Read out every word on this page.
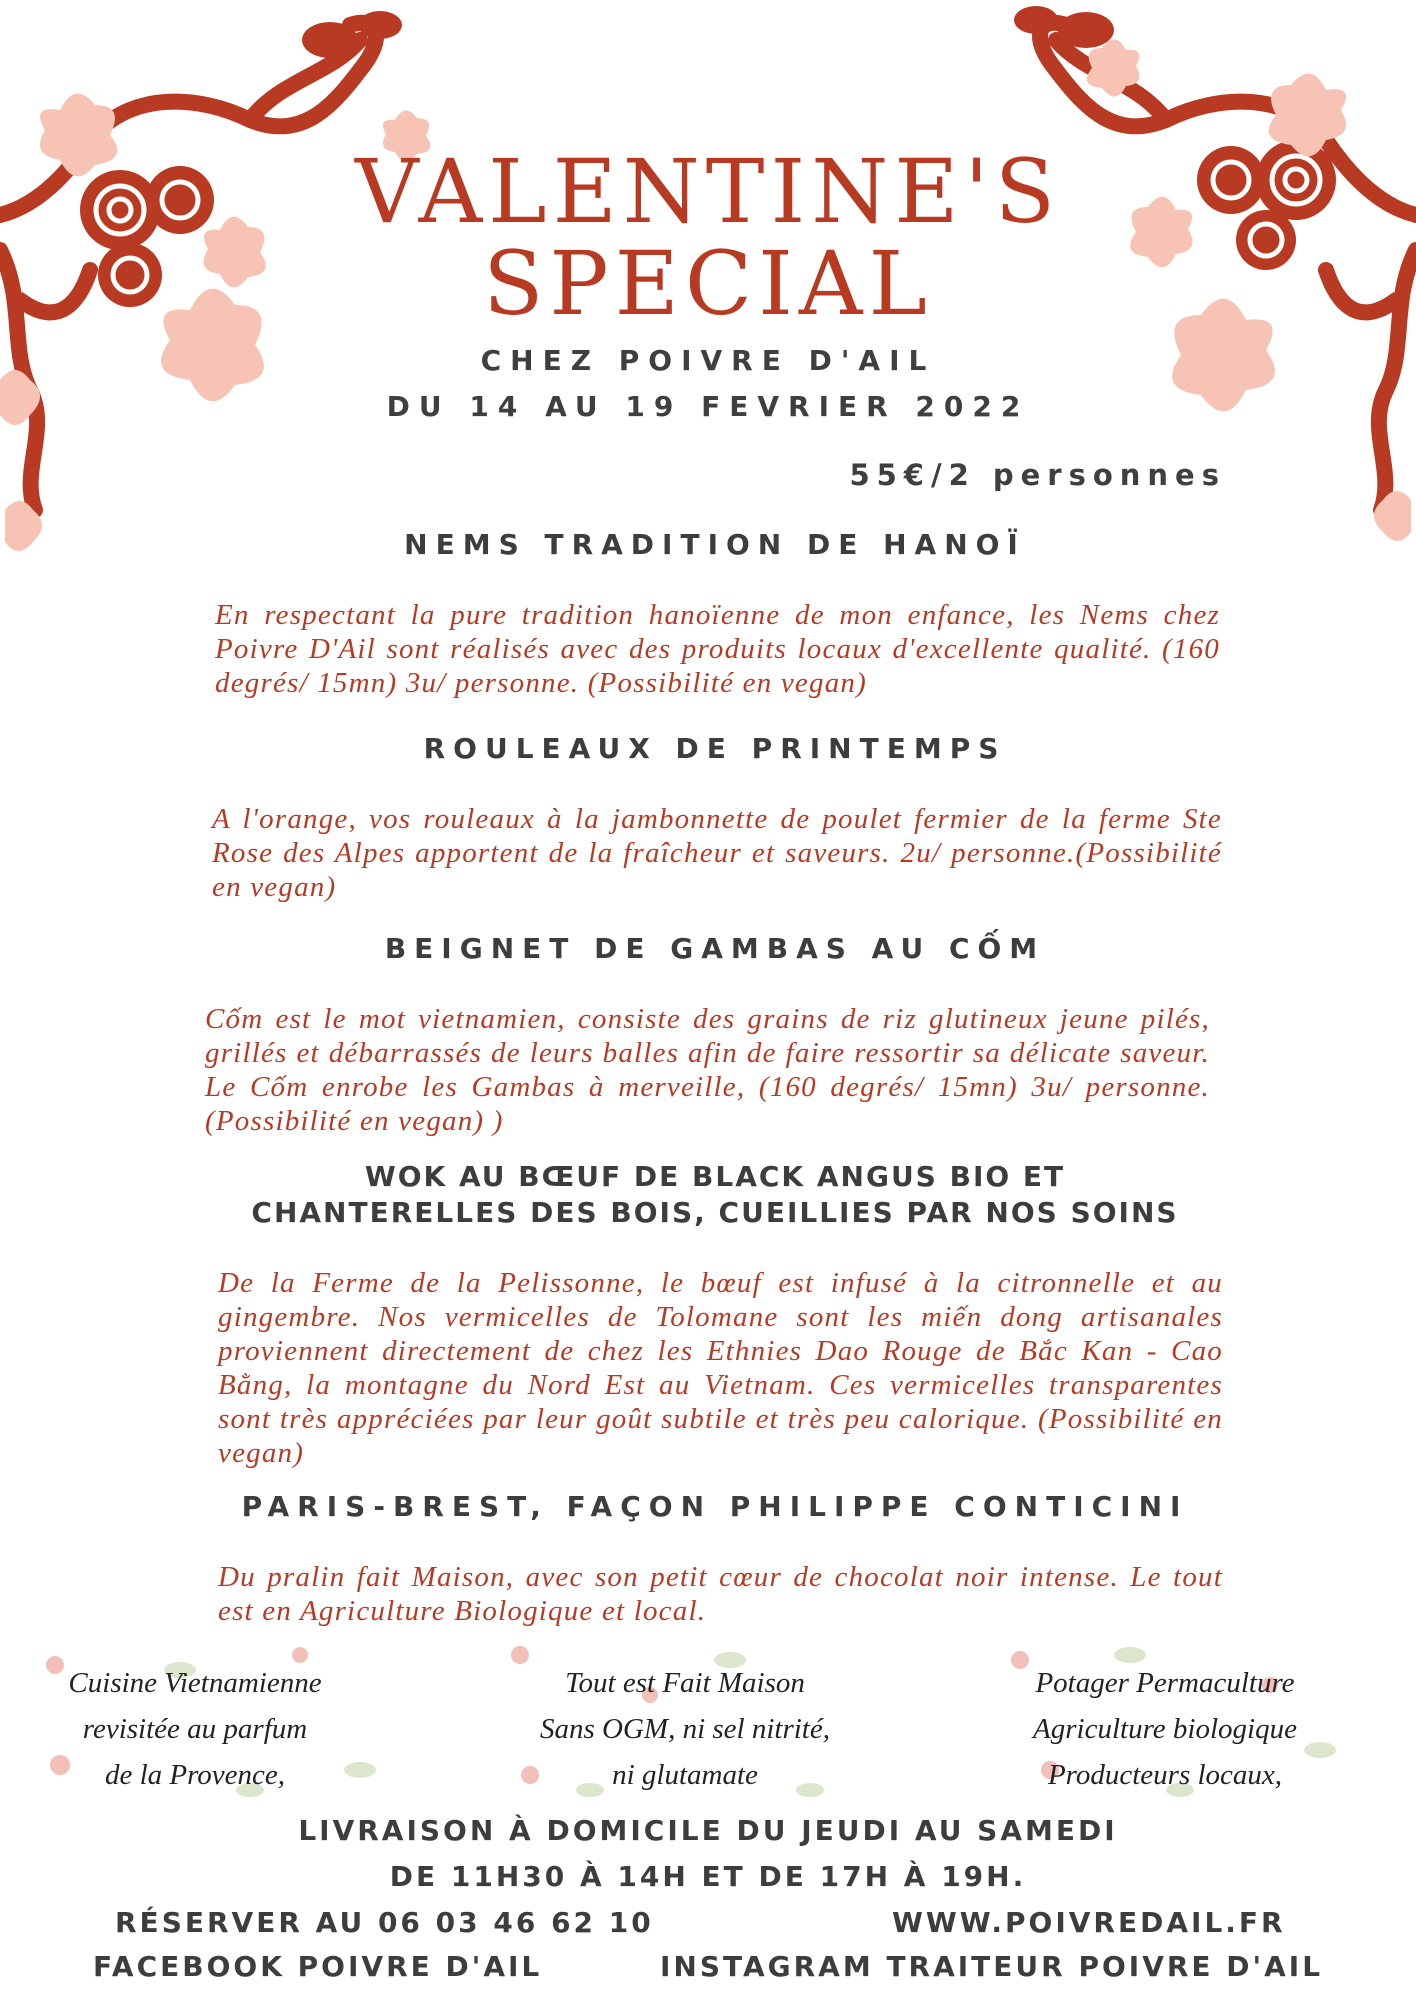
VALENTINE'S
SPECIAL
CHEZ POIVRE D'AIL
DU 14 AU 19 FEVRIER 2022
55€/2 personnes
NEMS TRADITION DE HANOÏ
En respectant la pure tradition hanoïenne de mon enfance, les Nems chez Poivre D'Ail sont réalisés avec des produits locaux d'excellente qualité. (160 degrés/ 15mn) 3u/ personne. (Possibilité en vegan)
ROULEAUX DE PRINTEMPS
A l'orange, vos rouleaux à la jambonnette de poulet fermier de la ferme Ste Rose des Alpes apportent de la fraîcheur et saveurs. 2u/ personne.(Possibilité en vegan)
BEIGNET DE GAMBAS AU CỐM
Cốm est le mot vietnamien, consiste des grains de riz glutineux jeune pilés, grillés et débarrassés de leurs balles afin de faire ressortir sa délicate saveur. Le Cốm enrobe les Gambas à merveille, (160 degrés/ 15mn) 3u/ personne.(Possibilité en vegan) )
WOK AU BŒUF DE BLACK ANGUS BIO ET
CHANTERELLES DES BOIS, CUEILLIES PAR NOS SOINS
De la Ferme de la Pelissonne, le bœuf est infusé à la citronnelle et au gingembre. Nos vermicelles de Tolomane sont les miến dong artisanales proviennent directement de chez les Ethnies Dao Rouge de Bắc Kan - Cao Bằng, la montagne du Nord Est au Vietnam. Ces vermicelles transparentes sont très appréciées par leur goût subtile et très peu calorique. (Possibilité en vegan)
PARIS-BREST, FAÇON PHILIPPE CONTICINI
Du pralin fait Maison, avec son petit cœur de chocolat noir intense. Le tout est en Agriculture Biologique et local.
Cuisine Vietnamienne
revisitée au parfum
de la Provence,
Tout est Fait Maison
Sans OGM, ni sel nitrité,
ni glutamate
Potager Permaculture
Agriculture biologique
Producteurs locaux,
LIVRAISON À DOMICILE DU JEUDI AU SAMEDI
DE 11H30 À 14H ET DE 17H À 19H.
RÉSERVER AU 06 03 46 62 10	WWW.POIVREDAIL.FR
FACEBOOK POIVRE D'AIL	INSTAGRAM TRAITEUR POIVRE D'AIL
